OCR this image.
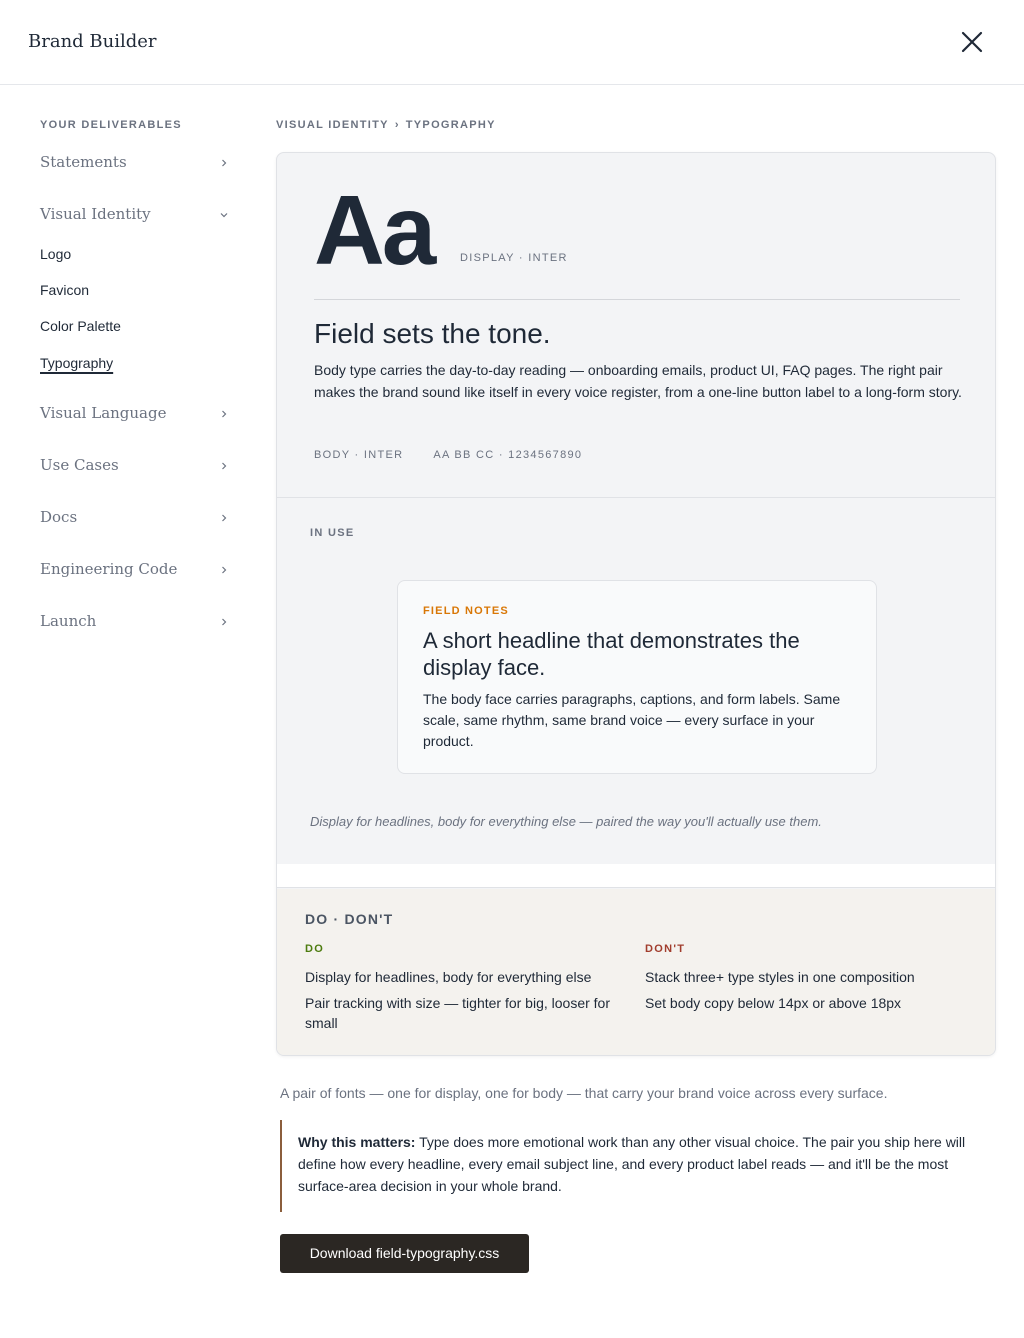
Brand Builder
YOUR DELIVERABLES
Statements
Visual Identity
Logo
Favicon
Color Palette
Typography
Visual Language
Use Cases
Docs
Engineering Code
Launch
VISUAL IDENTITY › TYPOGRAPHY
Aa DISPLAY · INTER
Field sets the tone.

Body type carries the day-to-day reading — onboarding emails, product UI, FAQ pages. The right pair makes the brand sound like itself in every voice register, from a one-line button label to a long-form story.

BODY · INTER	AA BB CC · 1234567890
IN USE
FIELD NOTES
A short headline that demonstrates the display face.

The body face carries paragraphs, captions, and form labels. Same scale, same rhythm, same brand voice — every surface in your product.

Display for headlines, body for everything else — paired the way you'll actually use them.
DO · DON'T
DO
Display for headlines, body for everything else
Pair tracking with size — tighter for big, looser for small
DON'T
Stack three+ type styles in one composition
Set body copy below 14px or above 18px

A pair of fonts — one for display, one for body — that carry your brand voice across every surface.

Why this matters: Type does more emotional work than any other visual choice. The pair you ship here will define how every headline, every email subject line, and every product label reads — and it'll be the most surface-area decision in your whole brand.
Download field-typography.css
